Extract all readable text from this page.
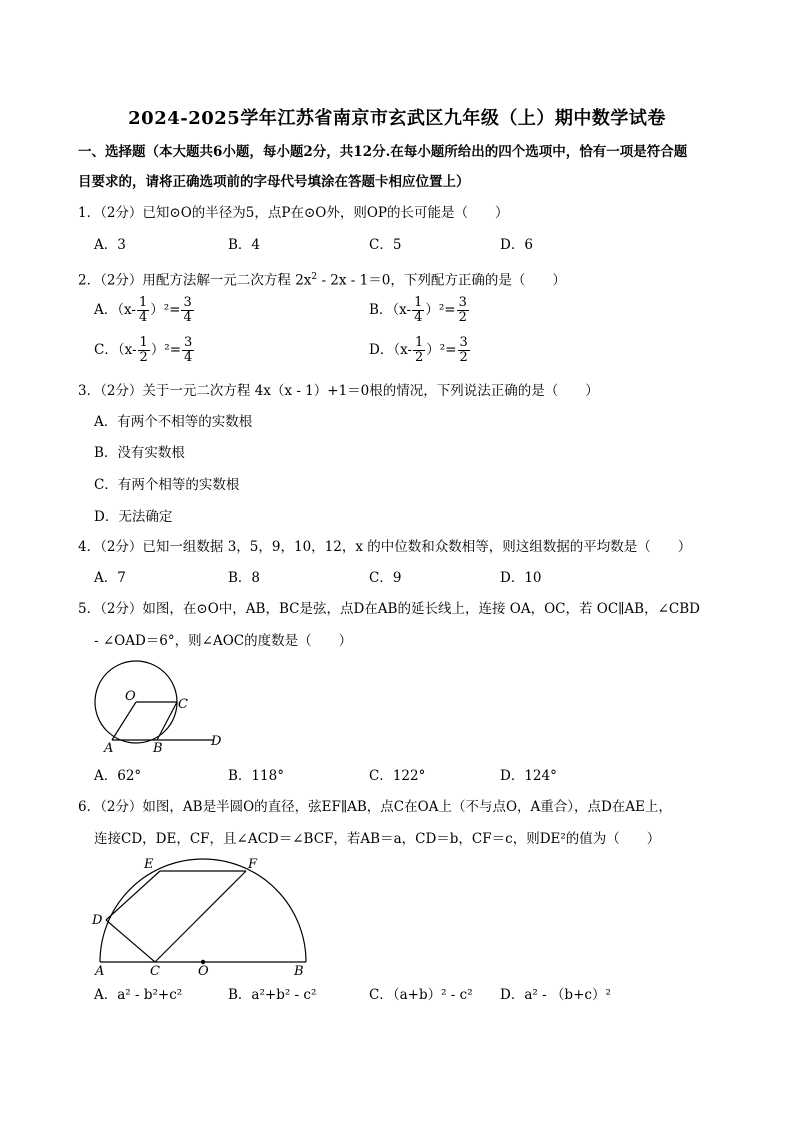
2024-2025学年江苏省南京市玄武区九年级（上）期中数学试卷
一、选择题（本大题共6小题，每小题2分，共12分.在每小题所给出的四个选项中，恰有一项是符合题
目要求的，请将正确选项前的字母代号填涂在答题卡相应位置上）
1．（2分）已知⊙O的半径为5，点P在⊙O外，则OP的长可能是（　　）
A．3	B．4	C．5	D．6
2．（2分）用配方法解一元二次方程 $2x^2 - 2x - 1=0$，下列配方正确的是（　　）
A．$(x- \frac{1}{4} )^2= \frac{3}{4}$	B．$(x- \frac{1}{4} )^2= \frac{3}{2}$
C．$(x- \frac{1}{2} )^2= \frac{3}{4}$	D．$(x- \frac{1}{2} )^2= \frac{3}{2}$
3．（2分）关于一元二次方程 4x（x - 1）+1＝0根的情况，下列说法正确的是（　　）
A．有两个不相等的实数根
B．没有实数根
C．有两个相等的实数根
D．无法确定
4．（2分）已知一组数据 3，5，9，10，12，x 的中位数和众数相等，则这组数据的平均数是（　　）
A．7	B．8	C．9	D．10
5．（2分）如图，在⊙O中，AB，BC是弦，点D在AB的延长线上，连接 OA，OC，若 OC∥AB，∠CBD
- ∠OAD＝6°，则∠AOC的度数是（　　）
O
C
A	B	D
A．62°	B．118°	C．122°	D．124°
6．（2分）如图，AB是半圆O的直径，弦EF∥AB，点C在OA上（不与点O，A重合），点D在AE上，
连接CD，DE，CF，且∠ACD＝∠BCF，若AB＝a，CD＝b，CF＝c，则DE²的值为（　　）
E	F
D
A	C	O	B
A．a² - b²+c²	B．a²+b² - c²	C．（a+b）² - c² D．a² - （b+c）²
